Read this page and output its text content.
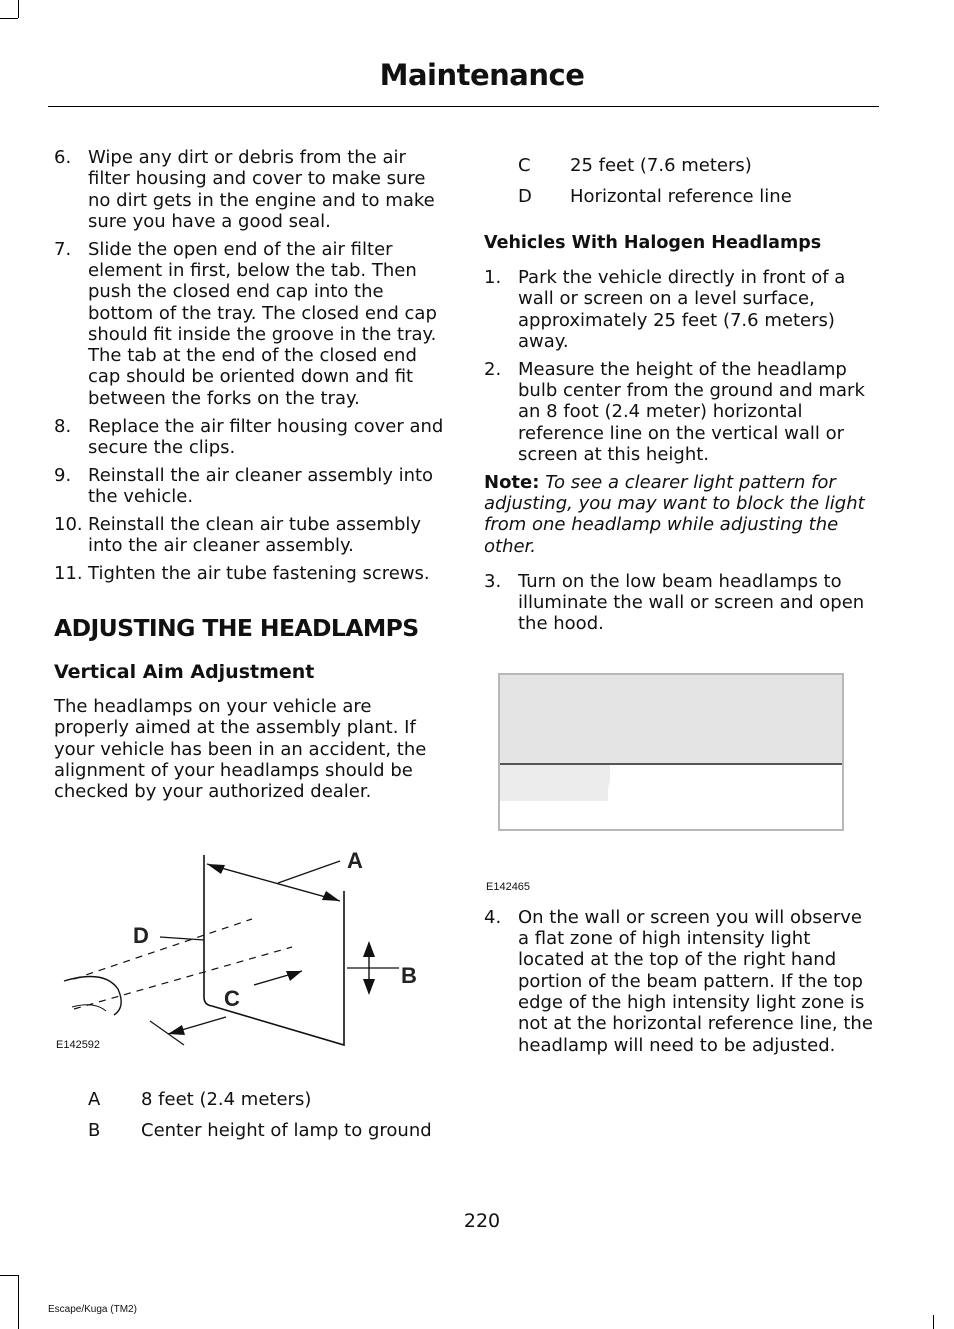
Maintenance
6. Wipe any dirt or debris from the air filter housing and cover to make sure no dirt gets in the engine and to make sure you have a good seal.
7. Slide the open end of the air filter element in first, below the tab. Then push the closed end cap into the bottom of the tray. The closed end cap should fit inside the groove in the tray. The tab at the end of the closed end cap should be oriented down and fit between the forks on the tray.
8. Replace the air filter housing cover and secure the clips.
9. Reinstall the air cleaner assembly into the vehicle.
10. Reinstall the clean air tube assembly into the air cleaner assembly.
11. Tighten the air tube fastening screws.
ADJUSTING THE HEADLAMPS
Vertical Aim Adjustment

The headlamps on your vehicle are properly aimed at the assembly plant. If your vehicle has been in an accident, the alignment of your headlamps should be checked by your authorized dealer.

A
D
B
C
E142592
A	8 feet (2.4 meters)
B	Center height of lamp to ground
C	25 feet (7.6 meters)
D	Horizontal reference line
Vehicles With Halogen Headlamps
1. Park the vehicle directly in front of a wall or screen on a level surface, approximately 25 feet (7.6 meters) away.
2. Measure the height of the headlamp bulb center from the ground and mark an 8 foot (2.4 meter) horizontal reference line on the vertical wall or screen at this height.

Note: To see a clearer light pattern for adjusting, you may want to block the light from one headlamp while adjusting the other.

3. Turn on the low beam headlamps to illuminate the wall or screen and open the hood.
E142465
4. On the wall or screen you will observe a flat zone of high intensity light located at the top of the right hand portion of the beam pattern. If the top edge of the high intensity light zone is not at the horizontal reference line, the headlamp will need to be adjusted.
220
Escape/Kuga (TM2)
